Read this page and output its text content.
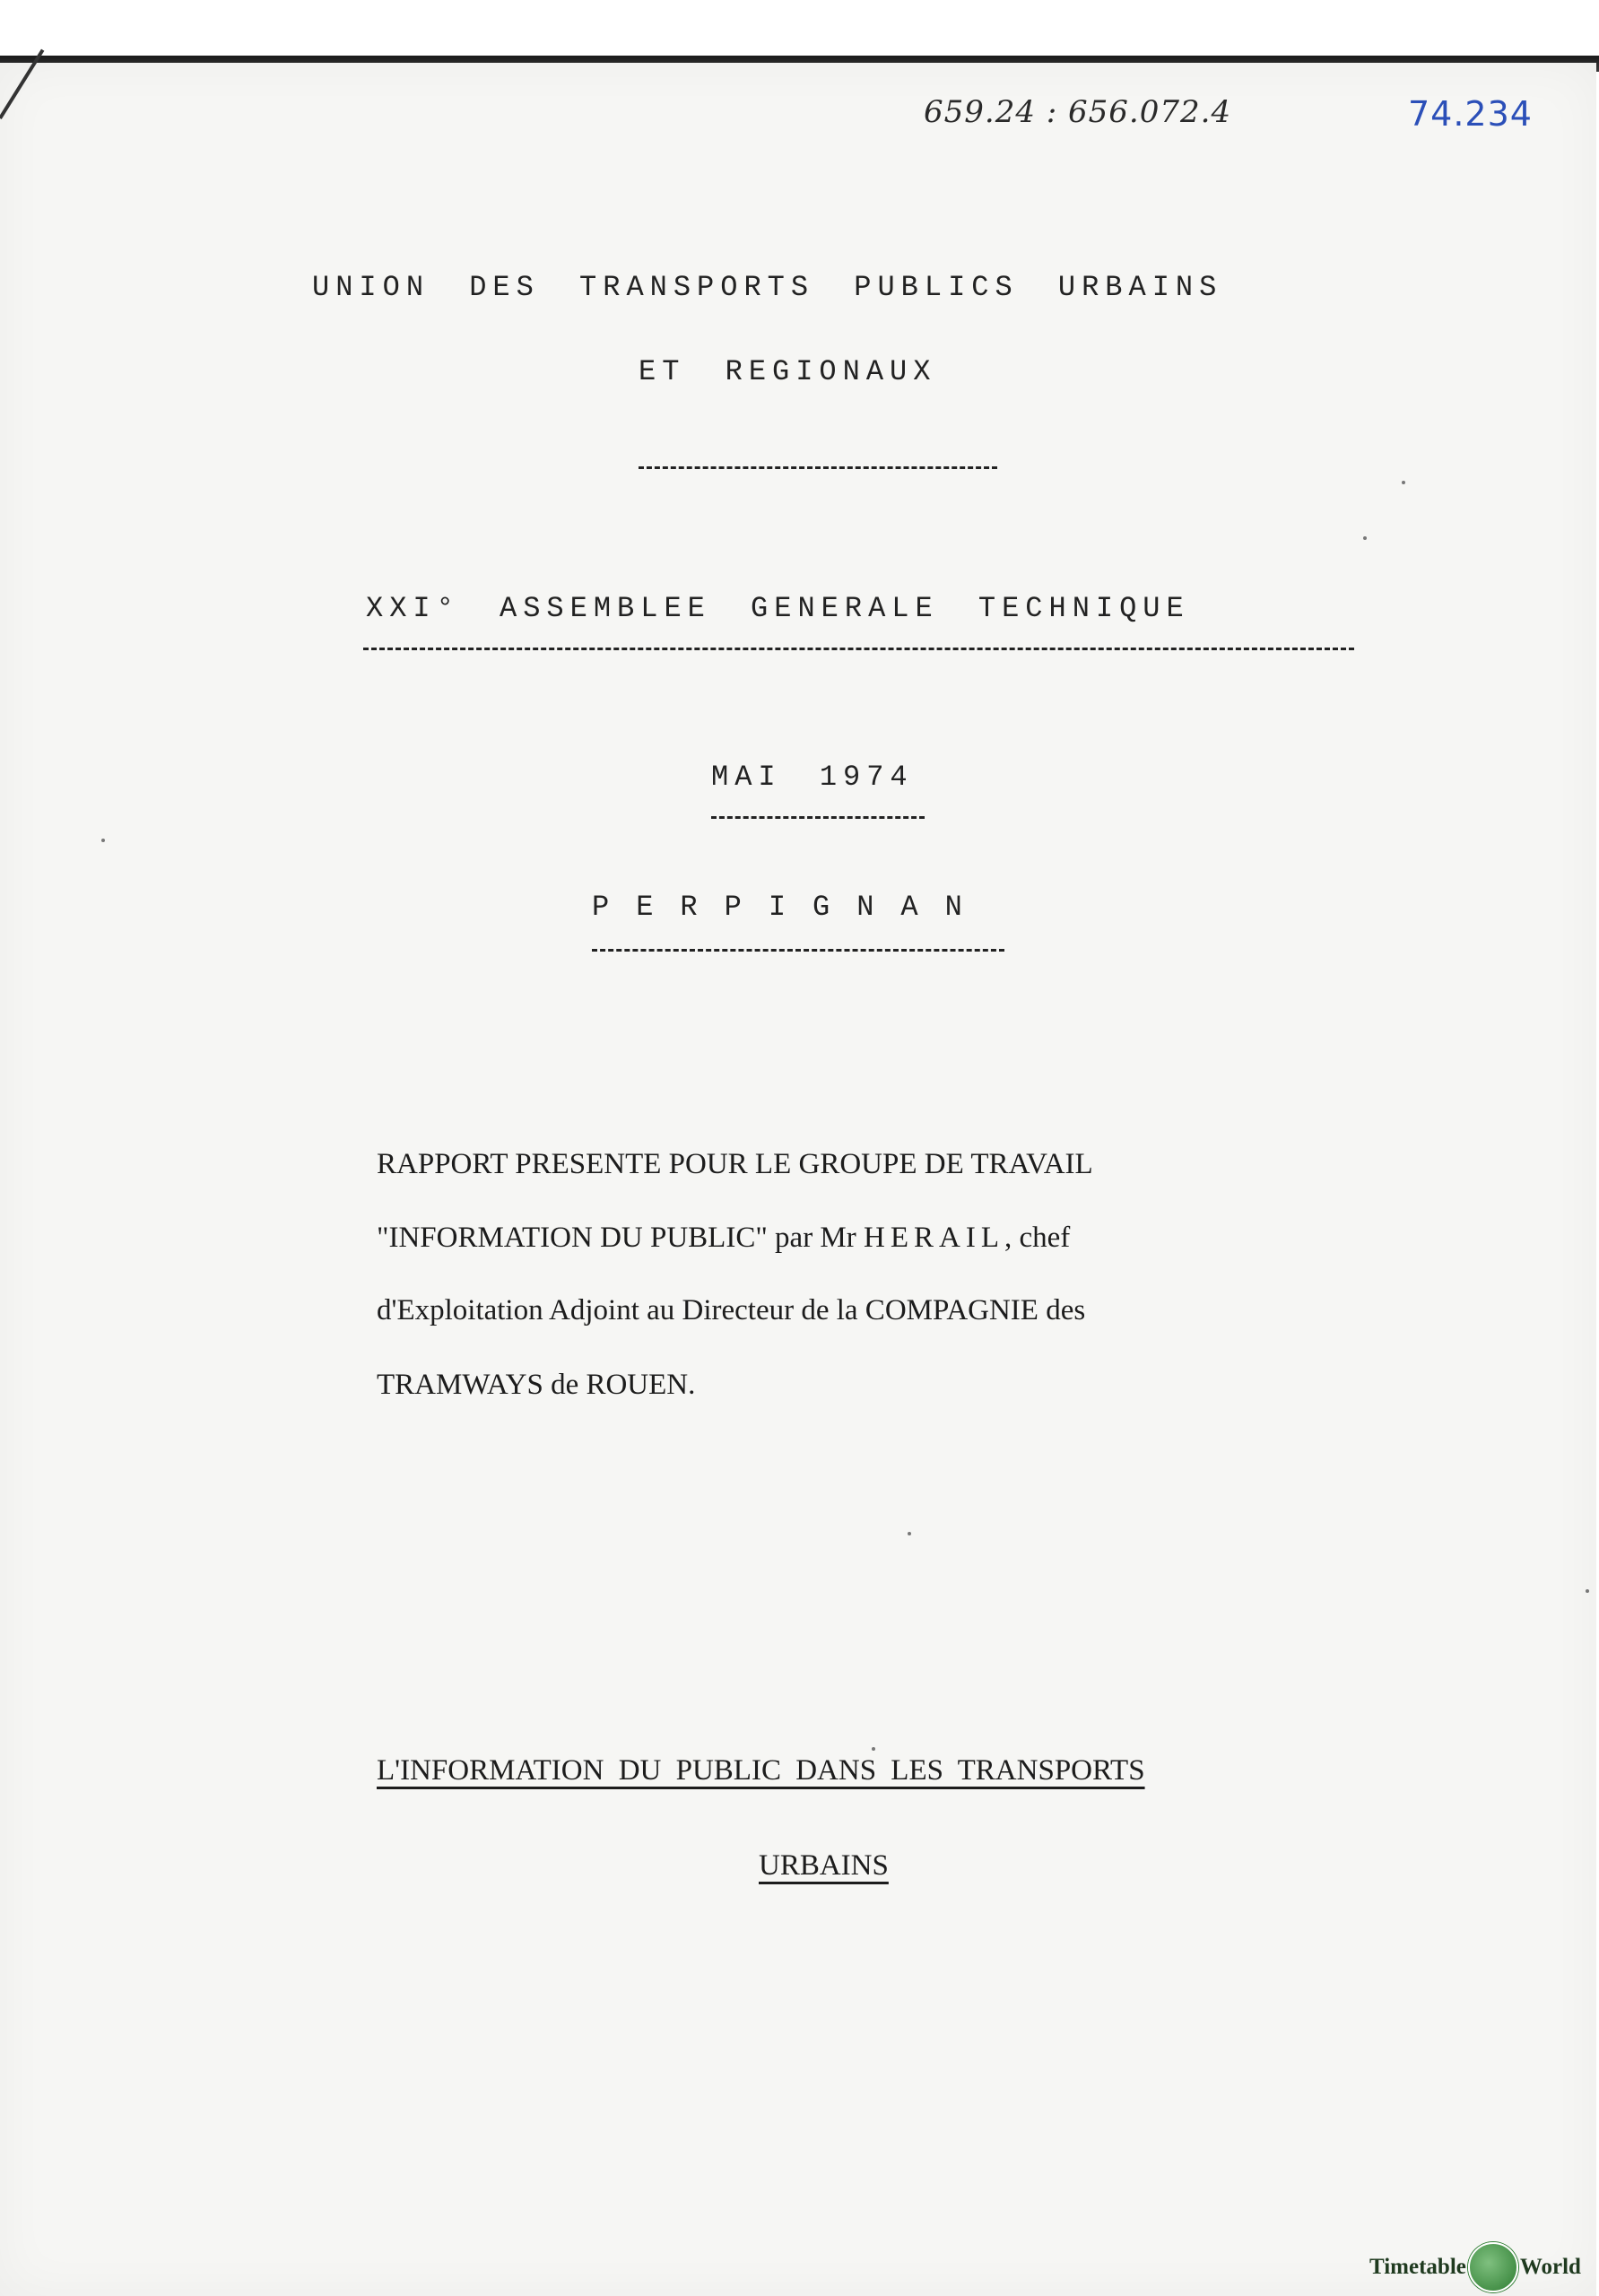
659.24 : 656.072.4	74.234
UNION DES TRANSPORTS PUBLICS URBAINS
ET REGIONAUX
XXI° ASSEMBLEE GENERALE TECHNIQUE
MAI 1974
PERPIGNAN
RAPPORT PRESENTE POUR LE GROUPE DE TRAVAIL
"INFORMATION DU PUBLIC" par Mr HERAIL, chef
d'Exploitation Adjoint au Directeur de la COMPAGNIE des
TRAMWAYS de ROUEN.
L'INFORMATION DU PUBLIC DANS LES TRANSPORTS
URBAINS
Timetable World
